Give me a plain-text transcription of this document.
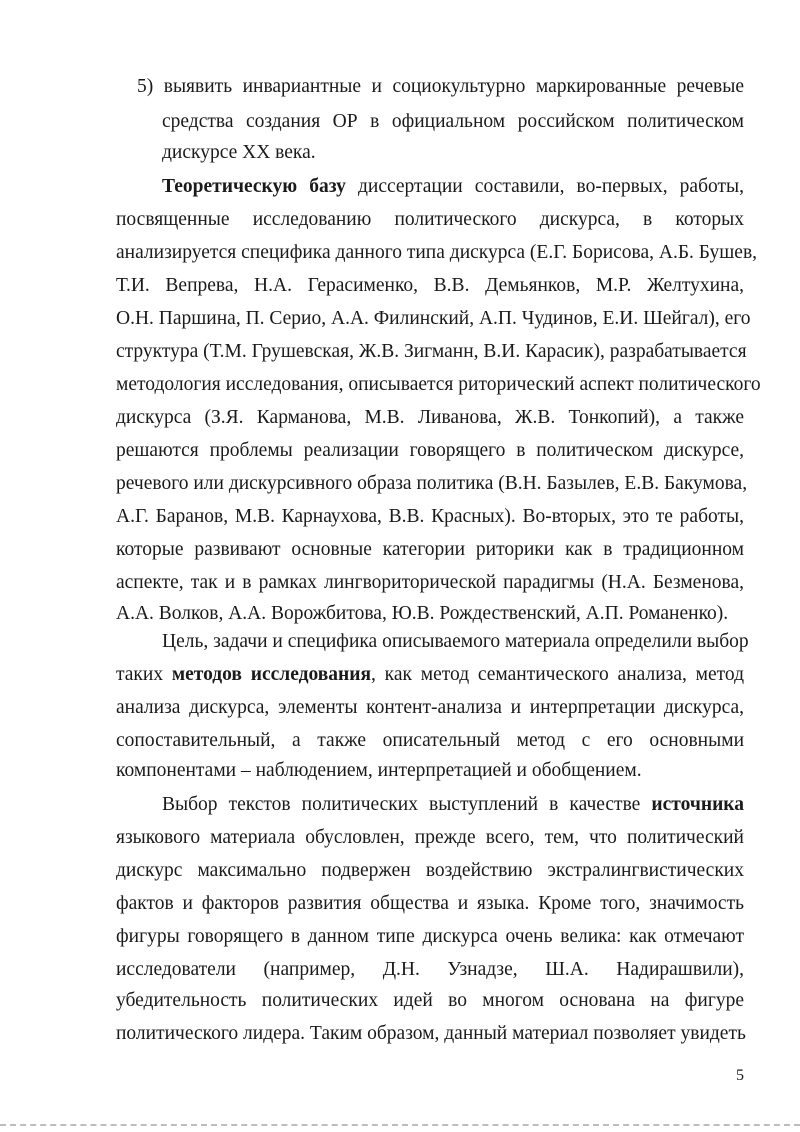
5) выявить инвариантные и социокультурно маркированные речевые
средства создания ОР в официальном российском политическом
дискурсе XX века.
Теоретическую базу диссертации составили, во-первых, работы,
посвященные исследованию политического дискурса, в которых
анализируется специфика данного типа дискурса (Е.Г. Борисова, А.Б. Бушев,
Т.И. Вепрева, Н.А. Герасименко, В.В. Демьянков, М.Р. Желтухина,
О.Н. Паршина, П. Серио, А.А. Филинский, А.П. Чудинов, Е.И. Шейгал), его
структура (Т.М. Грушевская, Ж.В. Зигманн, В.И. Карасик), разрабатывается
методология исследования, описывается риторический аспект политического
дискурса (З.Я. Карманова, М.В. Ливанова, Ж.В. Тонкопий), а также
решаются проблемы реализации говорящего в политическом дискурсе,
речевого или дискурсивного образа политика (В.Н. Базылев, Е.В. Бакумова,
А.Г. Баранов, М.В. Карнаухова, В.В. Красных). Во-вторых, это те работы,
которые развивают основные категории риторики как в традиционном
аспекте, так и в рамках лингвориторической парадигмы (Н.А. Безменова,
А.А. Волков, А.А. Ворожбитова, Ю.В. Рождественский, А.П. Романенко).
Цель, задачи и специфика описываемого материала определили выбор
таких методов исследования, как метод семантического анализа, метод
анализа дискурса, элементы контент-анализа и интерпретации дискурса,
сопоставительный, а также описательный метод с его основными
компонентами – наблюдением, интерпретацией и обобщением.
Выбор текстов политических выступлений в качестве источника
языкового материала обусловлен, прежде всего, тем, что политический
дискурс максимально подвержен воздействию экстралингвистических
фактов и факторов развития общества и языка. Кроме того, значимость
фигуры говорящего в данном типе дискурса очень велика: как отмечают
исследователи (например, Д.Н. Узнадзе, Ш.А. Надирашвили),
убедительность политических идей во многом основана на фигуре
политического лидера. Таким образом, данный материал позволяет увидеть
5
